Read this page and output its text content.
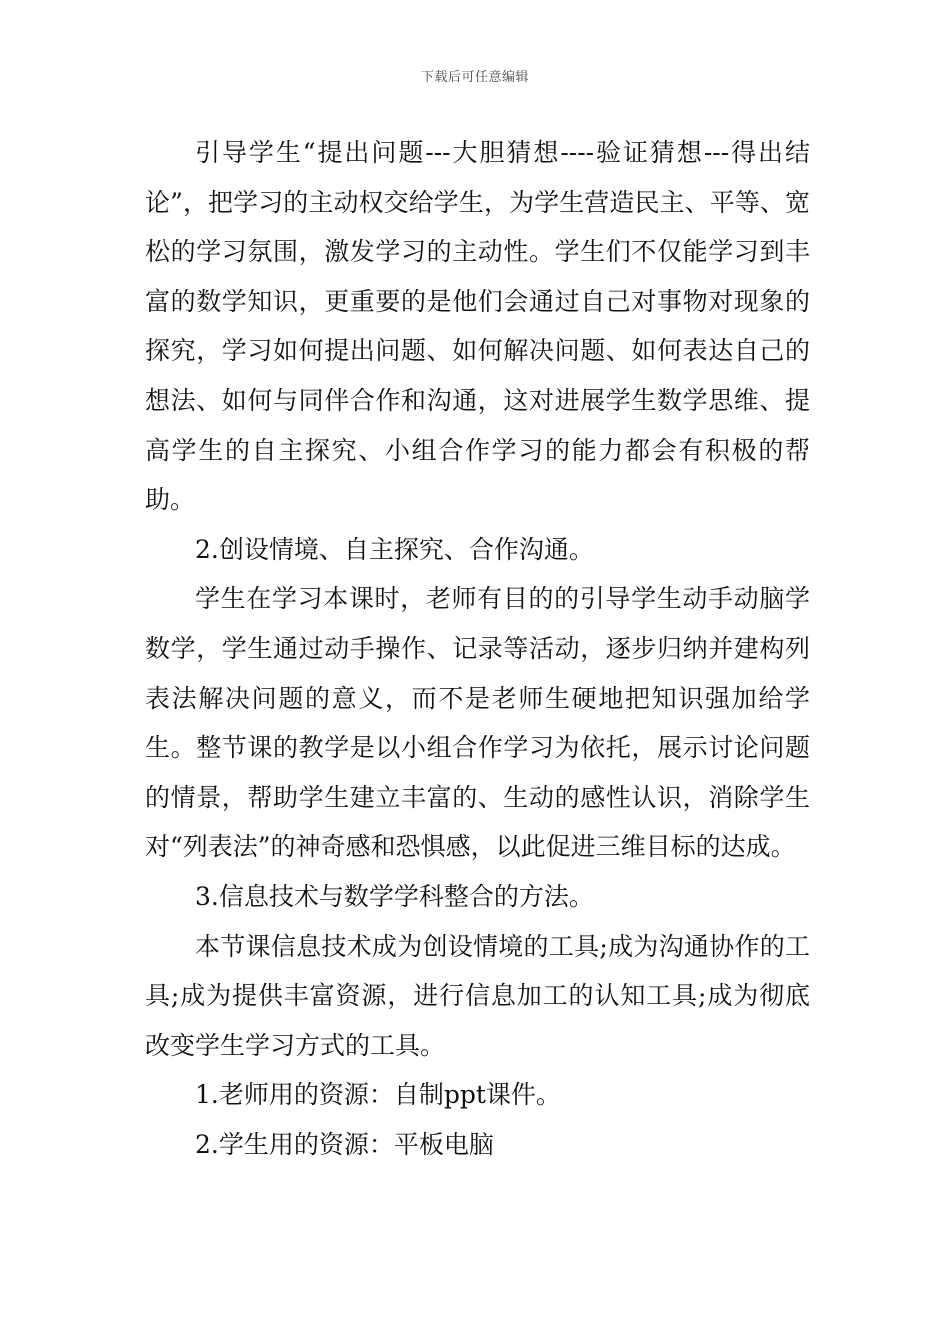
下载后可任意编辑

引导学生“提出问题---大胆猜想----验证猜想---得出结论”，把学习的主动权交给学生，为学生营造民主、平等、宽松的学习氛围，激发学习的主动性。学生们不仅能学习到丰富的数学知识，更重要的是他们会通过自己对事物对现象的探究，学习如何提出问题、如何解决问题、如何表达自己的想法、如何与同伴合作和沟通，这对进展学生数学思维、提高学生的自主探究、小组合作学习的能力都会有积极的帮助。

2.创设情境、自主探究、合作沟通。

学生在学习本课时，老师有目的的引导学生动手动脑学数学，学生通过动手操作、记录等活动，逐步归纳并建构列表法解决问题的意义，而不是老师生硬地把知识强加给学生。整节课的教学是以小组合作学习为依托，展示讨论问题的情景，帮助学生建立丰富的、生动的感性认识，消除学生对“列表法”的神奇感和恐惧感，以此促进三维目标的达成。

3.信息技术与数学学科整合的方法。

本节课信息技术成为创设情境的工具;成为沟通协作的工具;成为提供丰富资源，进行信息加工的认知工具;成为彻底改变学生学习方式的工具。

1.老师用的资源：自制ppt课件。

2.学生用的资源：平板电脑
